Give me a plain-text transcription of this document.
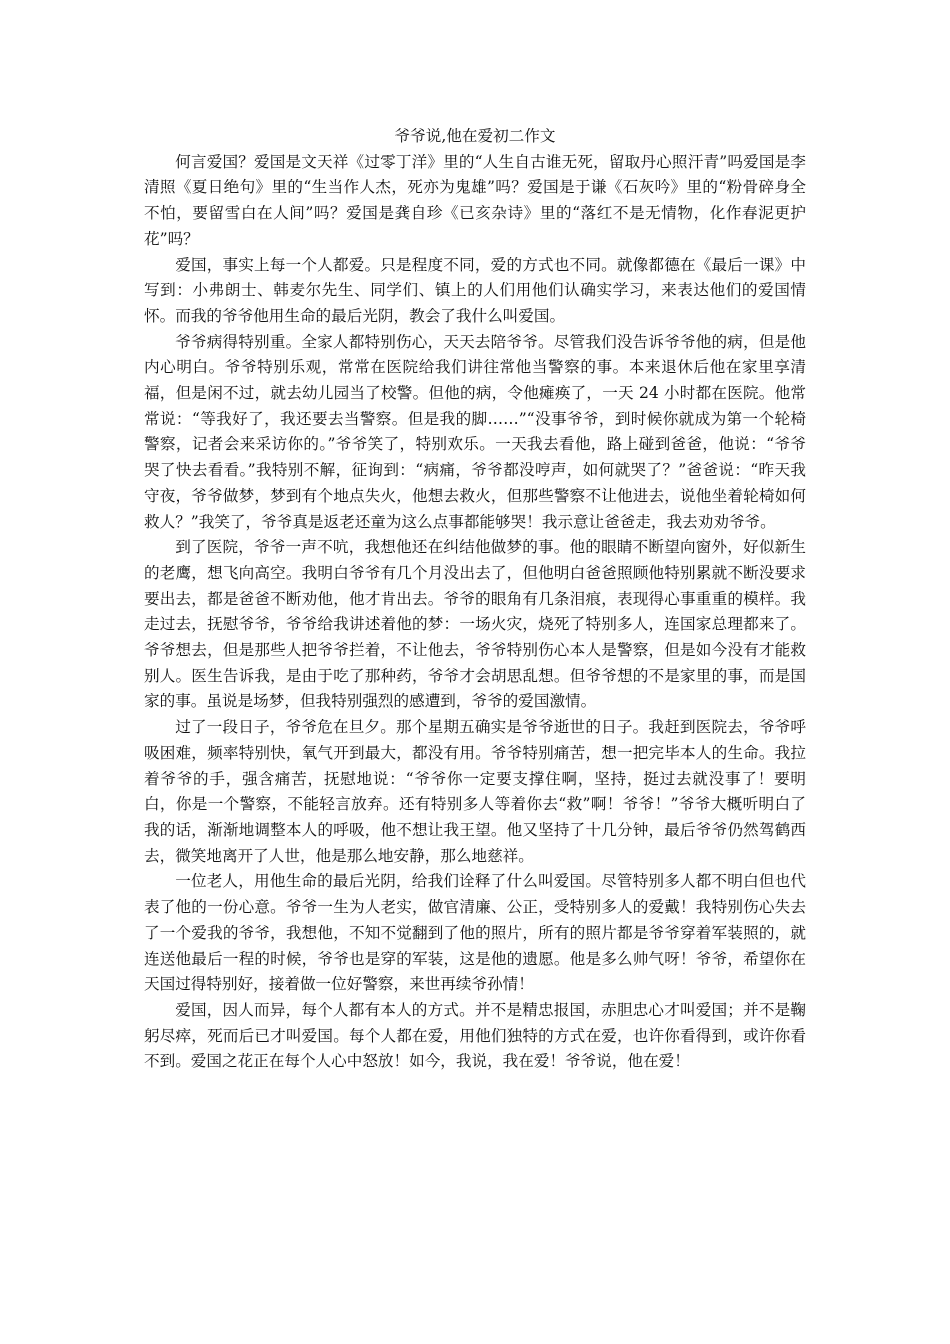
爷爷说,他在爱初二作文

何言爱国？爱国是文天祥《过零丁洋》里的“人生自古谁无死，留取丹心照汗青”吗爱国是李清照《夏日绝句》里的“生当作人杰，死亦为鬼雄”吗？爱国是于谦《石灰吟》里的“粉骨碎身全不怕，要留雪白在人间”吗？爱国是龚自珍《已亥杂诗》里的“落红不是无情物，化作春泥更护花”吗？

爱国，事实上每一个人都爱。只是程度不同，爱的方式也不同。就像都德在《最后一课》中写到：小弗朗士、韩麦尔先生、同学们、镇上的人们用他们认确实学习，来表达他们的爱国情怀。而我的爷爷他用生命的最后光阴，教会了我什么叫爱国。

爷爷病得特别重。全家人都特别伤心，天天去陪爷爷。尽管我们没告诉爷爷他的病，但是他内心明白。爷爷特别乐观，常常在医院给我们讲往常他当警察的事。本来退休后他在家里享清福，但是闲不过，就去幼儿园当了校警。但他的病，令他瘫痪了，一天 24 小时都在医院。他常常说：“等我好了，我还要去当警察。但是我的脚……”“没事爷爷，到时候你就成为第一个轮椅警察，记者会来采访你的。”爷爷笑了，特别欢乐。一天我去看他，路上碰到爸爸，他说：“爷爷哭了快去看看。”我特别不解，征询到：“病痛，爷爷都没哼声，如何就哭了？”爸爸说：“昨天我守夜，爷爷做梦，梦到有个地点失火，他想去救火，但那些警察不让他进去，说他坐着轮椅如何救人？”我笑了，爷爷真是返老还童为这么点事都能够哭！我示意让爸爸走，我去劝劝爷爷。

到了医院，爷爷一声不吭，我想他还在纠结他做梦的事。他的眼睛不断望向窗外，好似新生的老鹰，想飞向高空。我明白爷爷有几个月没出去了，但他明白爸爸照顾他特别累就不断没要求要出去，都是爸爸不断劝他，他才肯出去。爷爷的眼角有几条泪痕，表现得心事重重的模样。我走过去，抚慰爷爷，爷爷给我讲述着他的梦：一场火灾，烧死了特别多人，连国家总理都来了。爷爷想去，但是那些人把爷爷拦着，不让他去，爷爷特别伤心本人是警察，但是如今没有才能救别人。医生告诉我，是由于吃了那种药，爷爷才会胡思乱想。但爷爷想的不是家里的事，而是国家的事。虽说是场梦，但我特别强烈的感遭到，爷爷的爱国激情。

过了一段日子，爷爷危在旦夕。那个星期五确实是爷爷逝世的日子。我赶到医院去，爷爷呼吸困难，频率特别快，氧气开到最大，都没有用。爷爷特别痛苦，想一把完毕本人的生命。我拉着爷爷的手，强含痛苦，抚慰地说：“爷爷你一定要支撑住啊，坚持，挺过去就没事了！要明白，你是一个警察，不能轻言放弃。还有特别多人等着你去“救”啊！爷爷！”爷爷大概听明白了我的话，渐渐地调整本人的呼吸，他不想让我王望。他又坚持了十几分钟，最后爷爷仍然驾鹤西去，微笑地离开了人世，他是那么地安静，那么地慈祥。

一位老人，用他生命的最后光阴，给我们诠释了什么叫爱国。尽管特别多人都不明白但也代表了他的一份心意。爷爷一生为人老实，做官清廉、公正，受特别多人的爱戴！我特别伤心失去了一个爱我的爷爷，我想他，不知不觉翻到了他的照片，所有的照片都是爷爷穿着军装照的，就连送他最后一程的时候，爷爷也是穿的军装，这是他的遗愿。他是多么帅气呀！爷爷，希望你在天国过得特别好，接着做一位好警察，来世再续爷孙情！

爱国，因人而异，每个人都有本人的方式。并不是精忠报国，赤胆忠心才叫爱国；并不是鞠躬尽瘁，死而后已才叫爱国。每个人都在爱，用他们独特的方式在爱，也许你看得到，或许你看不到。爱国之花正在每个人心中怒放！如今，我说，我在爱！爷爷说，他在爱！
